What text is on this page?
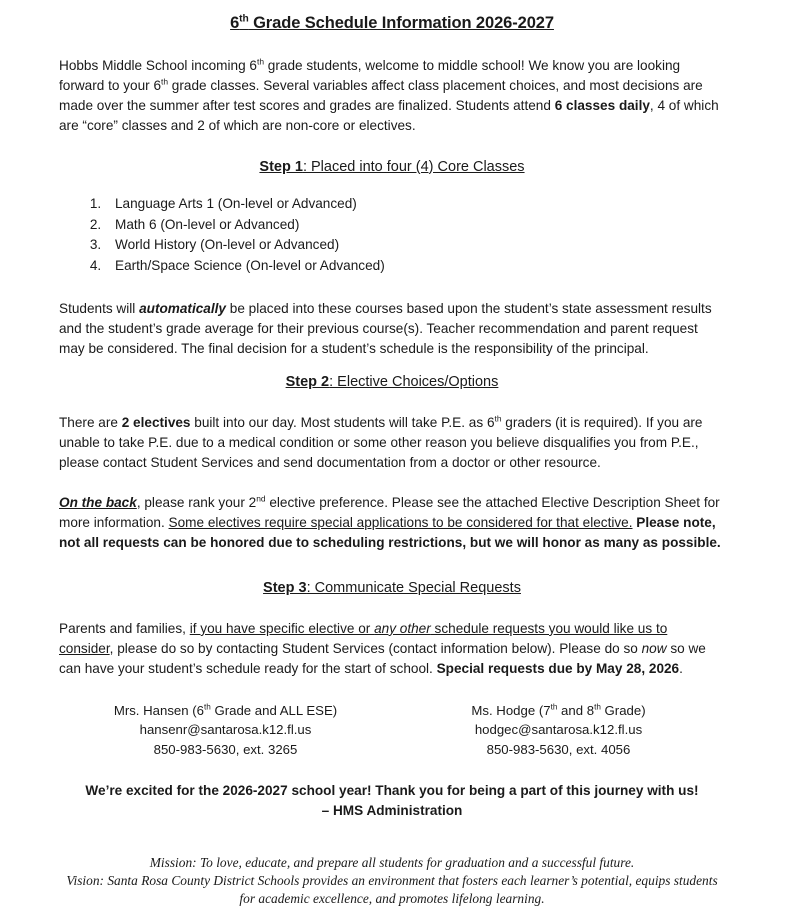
6th Grade Schedule Information 2026-2027

Hobbs Middle School incoming 6th grade students, welcome to middle school! We know you are looking forward to your 6th grade classes. Several variables affect class placement choices, and most decisions are made over the summer after test scores and grades are finalized. Students attend 6 classes daily, 4 of which are “core” classes and 2 of which are non-core or electives.

Step 1: Placed into four (4) Core Classes

1. Language Arts 1 (On-level or Advanced)
2. Math 6 (On-level or Advanced)
3. World History (On-level or Advanced)
4. Earth/Space Science (On-level or Advanced)

Students will automatically be placed into these courses based upon the student’s state assessment results and the student’s grade average for their previous course(s). Teacher recommendation and parent request may be considered. The final decision for a student’s schedule is the responsibility of the principal.

Step 2: Elective Choices/Options

There are 2 electives built into our day. Most students will take P.E. as 6th graders (it is required). If you are unable to take P.E. due to a medical condition or some other reason you believe disqualifies you from P.E., please contact Student Services and send documentation from a doctor or other resource.

On the back, please rank your 2nd elective preference. Please see the attached Elective Description Sheet for more information. Some electives require special applications to be considered for that elective. Please note, not all requests can be honored due to scheduling restrictions, but we will honor as many as possible.

Step 3: Communicate Special Requests

Parents and families, if you have specific elective or any other schedule requests you would like us to consider, please do so by contacting Student Services (contact information below). Please do so now so we can have your student’s schedule ready for the start of school. Special requests due by May 28, 2026.

Mrs. Hansen (6th Grade and ALL ESE)
hansenr@santarosa.k12.fl.us
850-983-5630, ext. 3265
Ms. Hodge (7th and 8th Grade)
hodgec@santarosa.k12.fl.us
850-983-5630, ext. 4056

We’re excited for the 2026-2027 school year! Thank you for being a part of this journey with us!
– HMS Administration

Mission: To love, educate, and prepare all students for graduation and a successful future.

Vision: Santa Rosa County District Schools provides an environment that fosters each learner’s potential, equips students for academic excellence, and promotes lifelong learning.
